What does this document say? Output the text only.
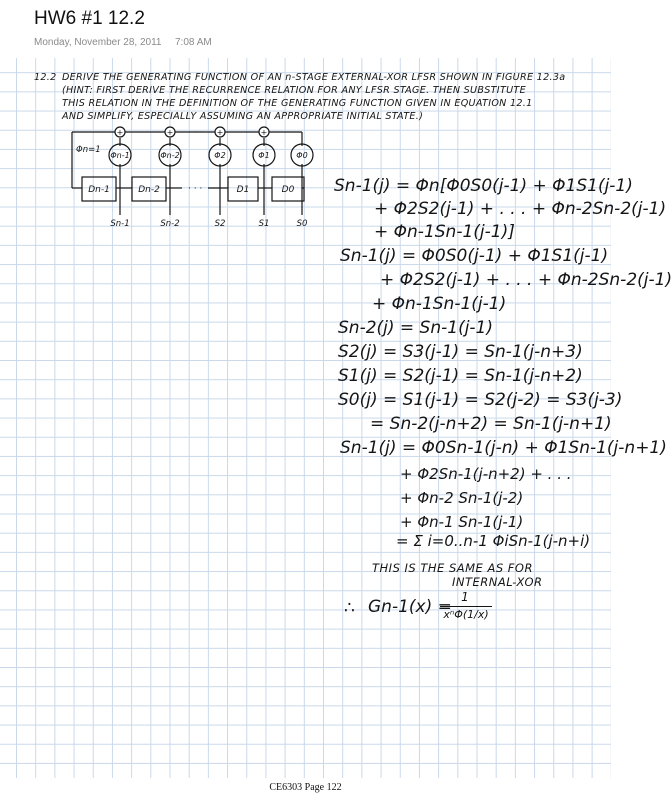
HW6 #1 12.2
Monday, November 28, 2011 7:08 AM
12.2 DERIVE THE GENERATING FUNCTION OF AN n-STAGE EXTERNAL-XOR LFSR SHOWN IN FIGURE 12.3a
(HINT: FIRST DERIVE THE RECURRENCE RELATION FOR ANY LFSR STAGE. THEN SUBSTITUTE
THIS RELATION IN THE DEFINITION OF THE GENERATING FUNCTION GIVEN IN EQUATION 12.1
AND SIMPLIFY, ESPECIALLY ASSUMING AN APPROPRIATE INITIAL STATE.)
+	+	+	+
Φn=1
· · ·
· · ·
Φn-1	Φn-2	Φ2	Φ1	Φ0
Dn-1	Dn-2	D1	D0
Sn-1	Sn-2	S2	S1	S0
Sn-1(j) = Φn[Φ0S0(j-1) + Φ1S1(j-1)
+ Φ2S2(j-1) + . . . + Φn-2Sn-2(j-1)
+ Φn-1Sn-1(j-1)]
Sn-1(j) = Φ0S0(j-1) + Φ1S1(j-1)
+ Φ2S2(j-1) + . . . + Φn-2Sn-2(j-1)
+ Φn-1Sn-1(j-1)
Sn-2(j) = Sn-1(j-1)
S2(j) = S3(j-1) = Sn-1(j-n+3)
S1(j) = S2(j-1) = Sn-1(j-n+2)
S0(j) = S1(j-1) = S2(j-2) = S3(j-3)
= Sn-2(j-n+2) = Sn-1(j-n+1)
Sn-1(j) = Φ0Sn-1(j-n) + Φ1Sn-1(j-n+1)
+ Φ2Sn-1(j-n+2) + . . .
+ Φn-2 Sn-1(j-2)
+ Φn-1 Sn-1(j-1)
= Σ i=0..n-1 ΦiSn-1(j-n+i)
THIS IS THE SAME AS FOR
INTERNAL-XOR
∴ Gn-1(x) = 1
xⁿΦ(1/x)
CE6303 Page 122
